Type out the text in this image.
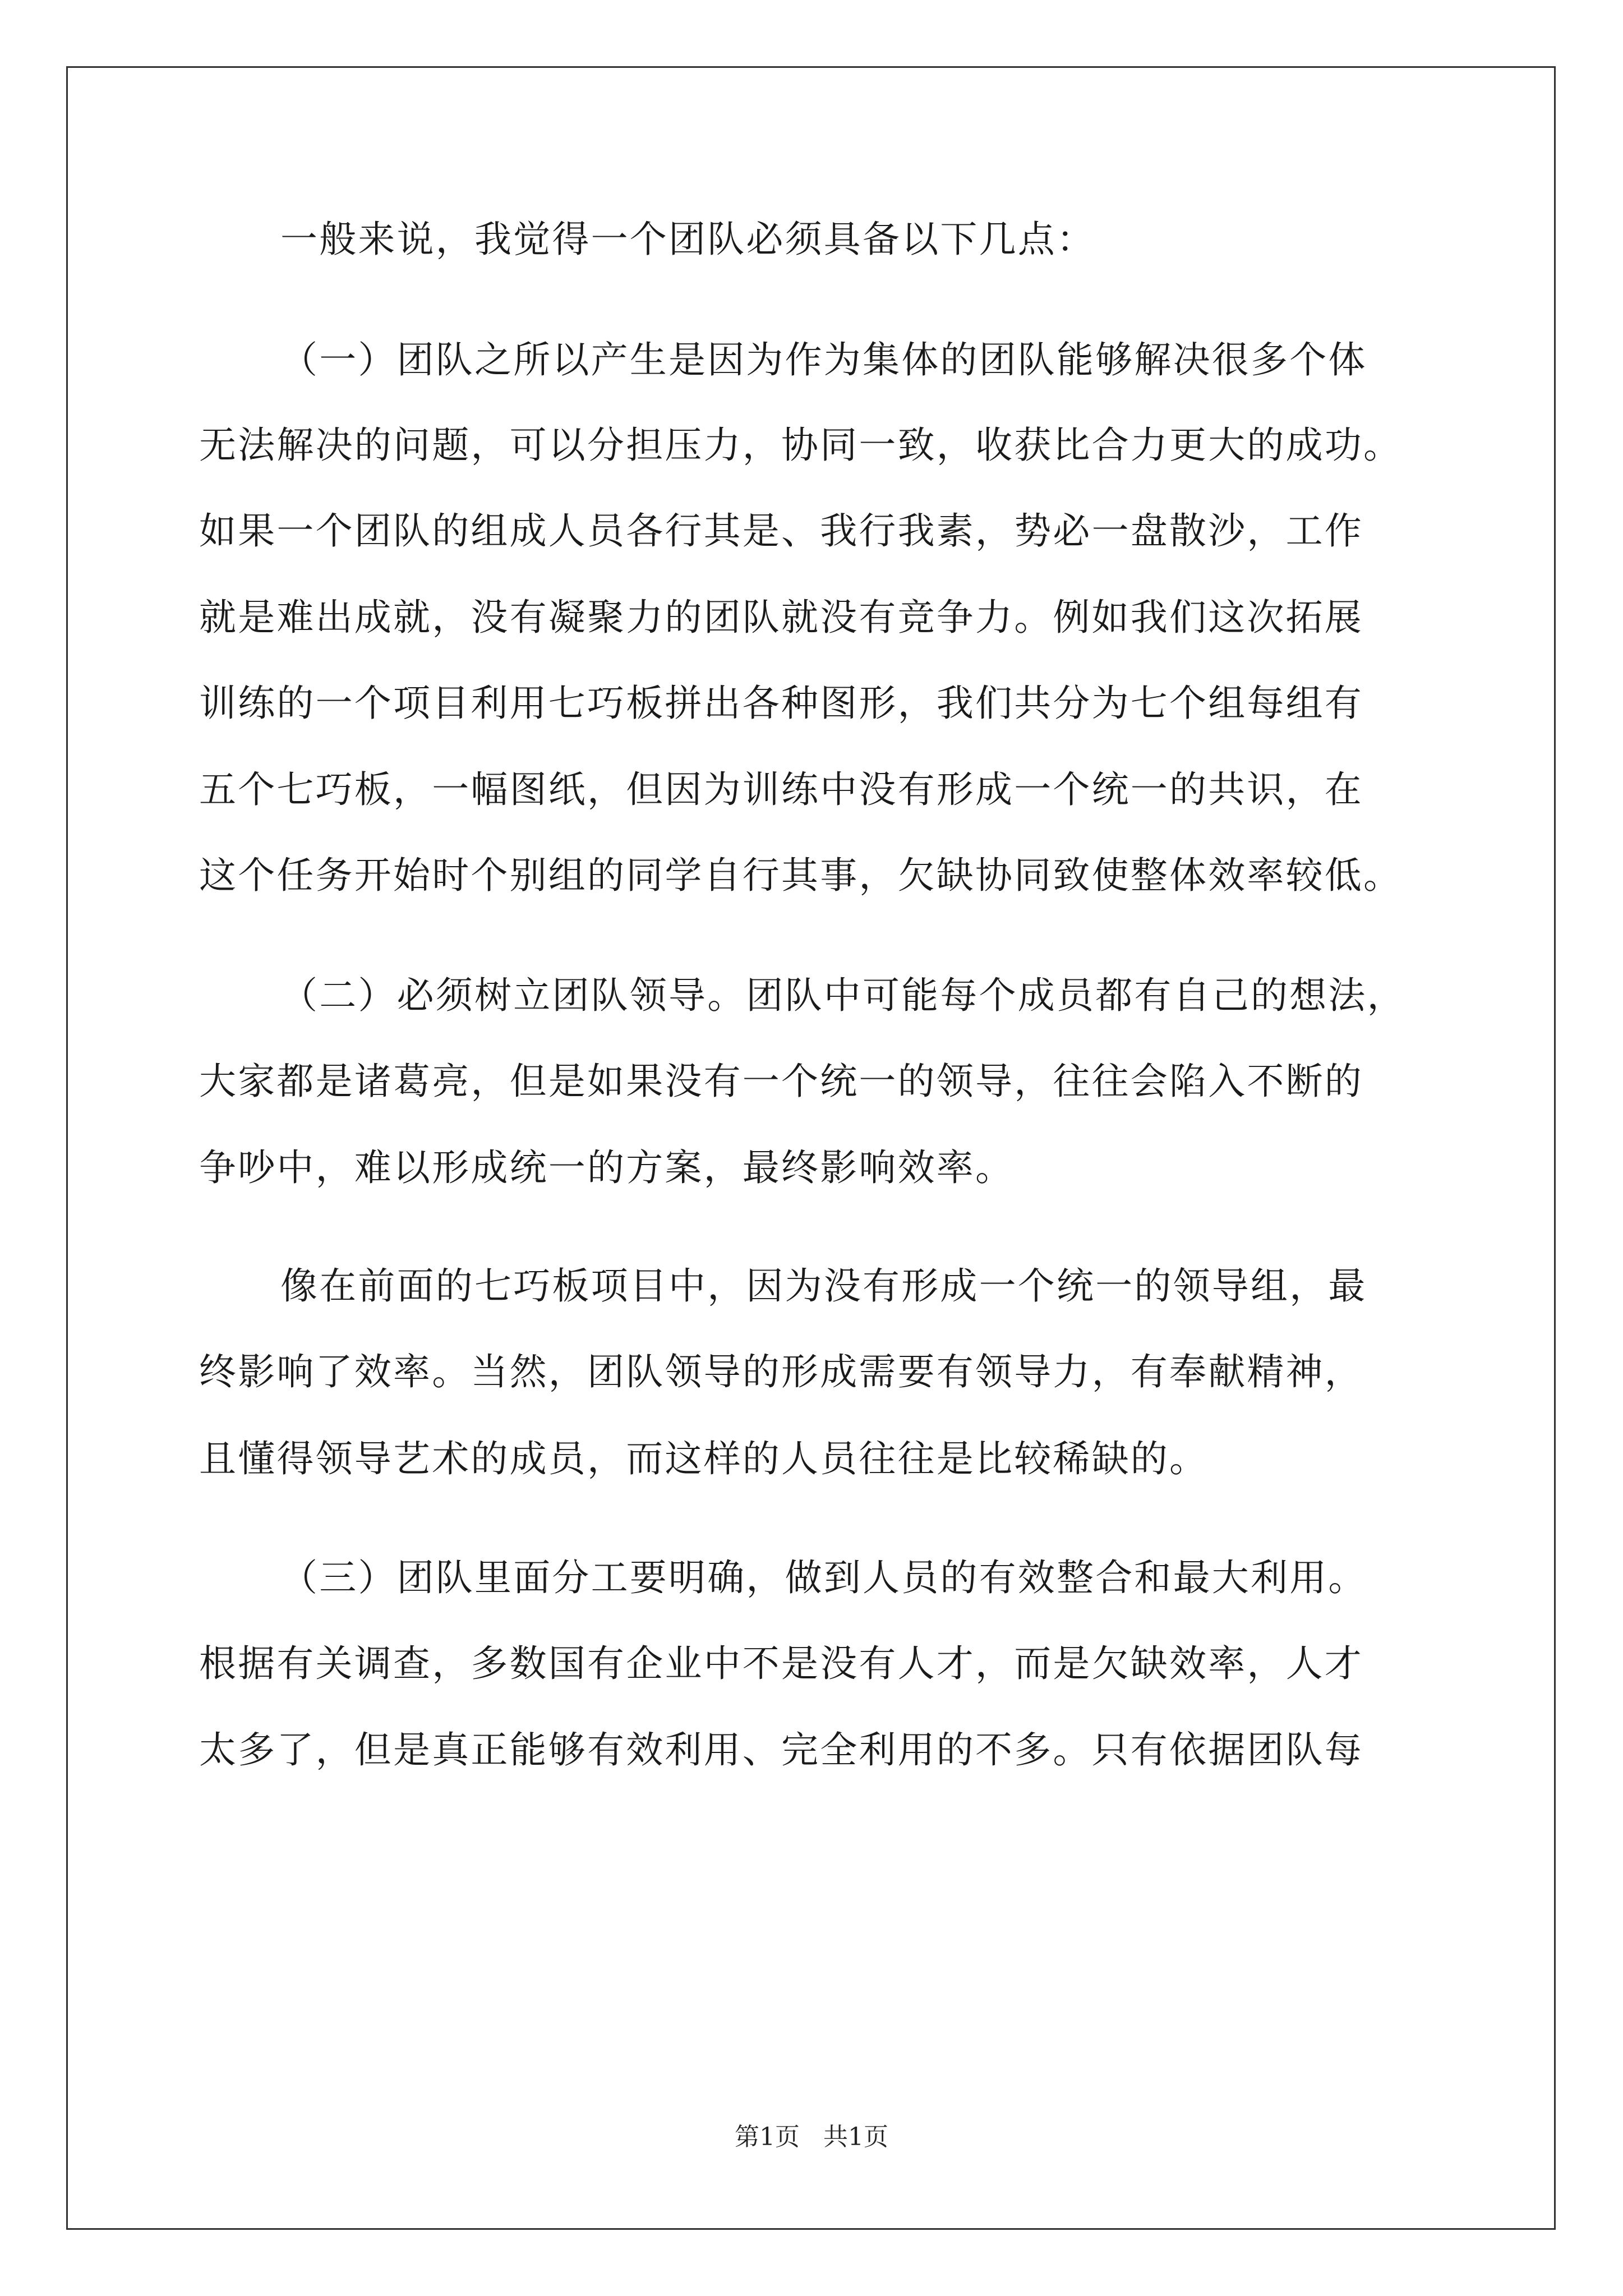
一般来说，我觉得一个团队必须具备以下几点：
（一）团队之所以产生是因为作为集体的团队能够解决很多个体
无法解决的问题，可以分担压力，协同一致，收获比合力更大的成功。
如果一个团队的组成人员各行其是、我行我素，势必一盘散沙，工作
就是难出成就，没有凝聚力的团队就没有竞争力。例如我们这次拓展
训练的一个项目利用七巧板拼出各种图形，我们共分为七个组每组有
五个七巧板，一幅图纸，但因为训练中没有形成一个统一的共识，在
这个任务开始时个别组的同学自行其事，欠缺协同致使整体效率较低。
（二）必须树立团队领导。团队中可能每个成员都有自己的想法，
大家都是诸葛亮，但是如果没有一个统一的领导，往往会陷入不断的
争吵中，难以形成统一的方案，最终影响效率。
像在前面的七巧板项目中，因为没有形成一个统一的领导组，最
终影响了效率。当然，团队领导的形成需要有领导力，有奉献精神，
且懂得领导艺术的成员，而这样的人员往往是比较稀缺的。
（三）团队里面分工要明确，做到人员的有效整合和最大利用。
根据有关调查，多数国有企业中不是没有人才，而是欠缺效率，人才
太多了，但是真正能够有效利用、完全利用的不多。只有依据团队每
第1页   共1页
